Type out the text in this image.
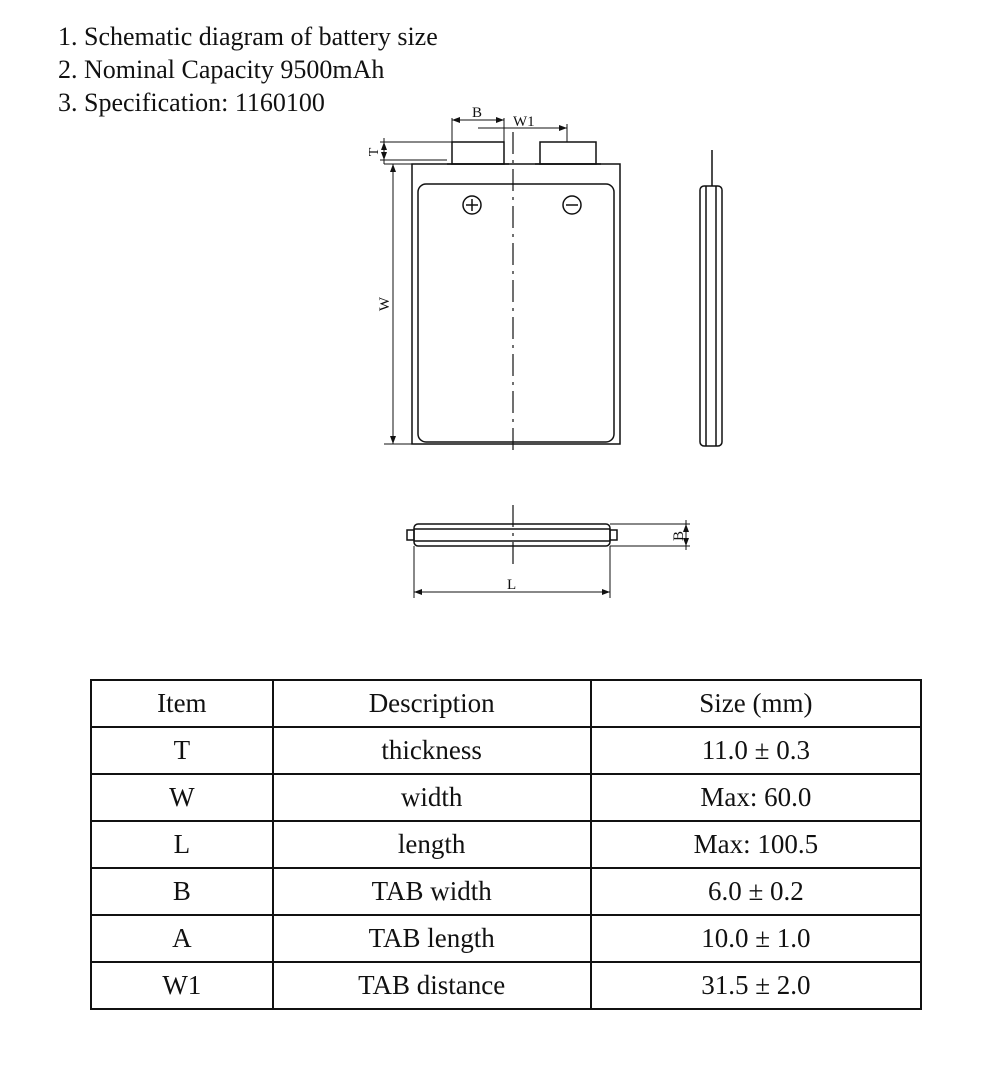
1. Schematic diagram of battery size
2. Nominal Capacity 9500mAh
3. Specification: 1160100	B
W1
T
W
B
L
Item	Description	Size (mm)
T	thickness	11.0 ± 0.3
W	width	Max: 60.0
L	length	Max: 100.5
B	TAB width	6.0 ± 0.2
A	TAB length	10.0 ± 1.0
W1	TAB distance	31.5 ± 2.0
